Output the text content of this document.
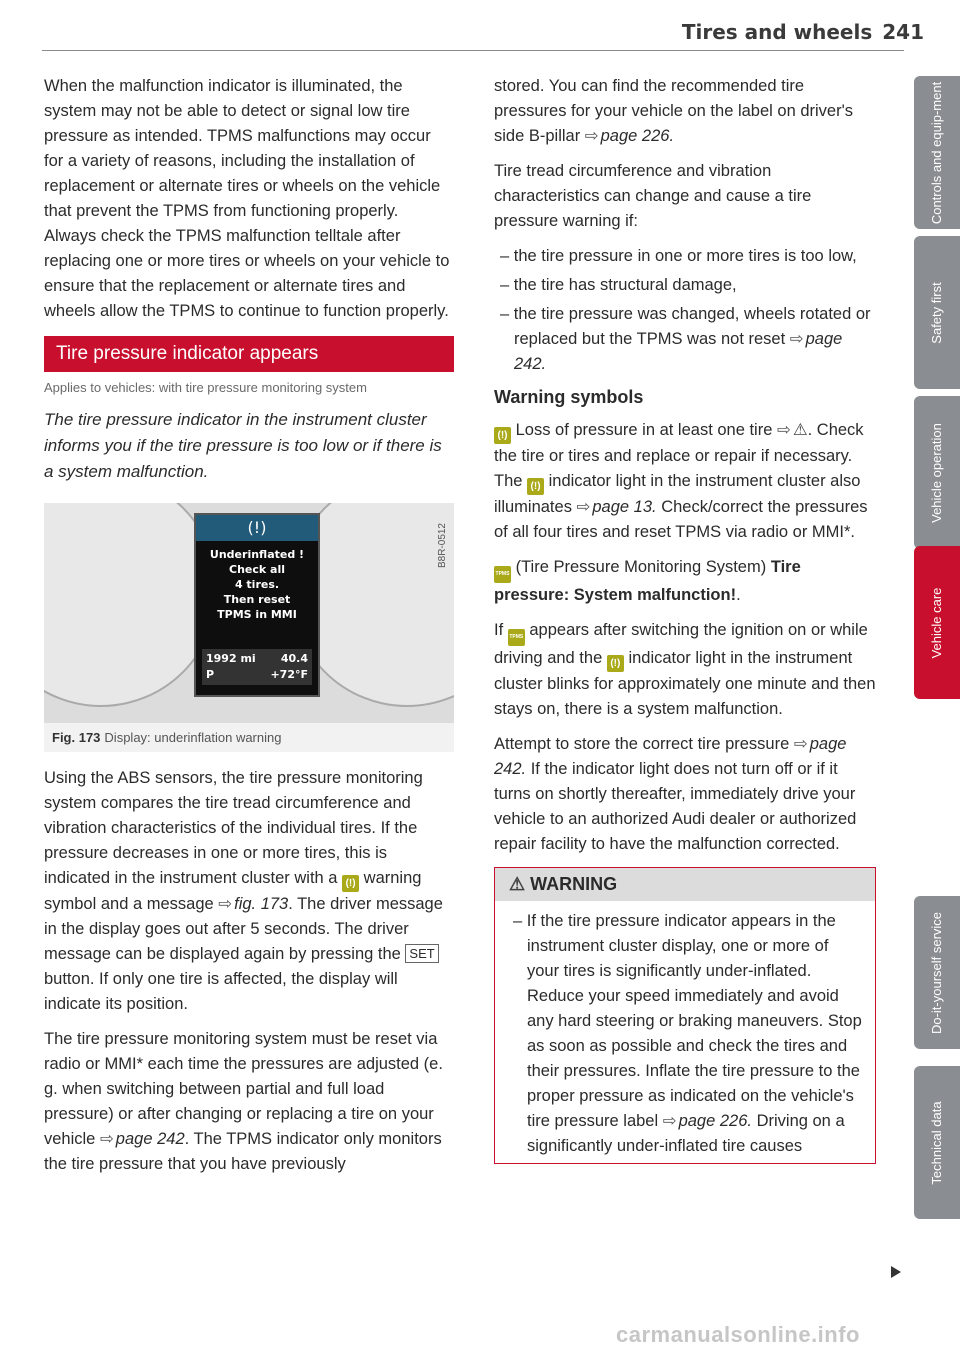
Tires and wheels 241

When the malfunction indicator is illuminated, the system may not be able to detect or signal low tire pressure as intended. TPMS malfunctions may occur for a variety of reasons, including the installation of replacement or alternate tires or wheels on the vehicle that prevent the TPMS from functioning properly. Always check the TPMS malfunction telltale after replacing one or more tires or wheels on your vehicle to ensure that the replacement or alternate tires and wheels allow the TPMS to continue to function properly.

Tire pressure indicator appears
Applies to vehicles: with tire pressure monitoring system

The tire pressure indicator in the instrument cluster informs you if the tire pressure is too low or if there is a system malfunction.

(!)
Underinflated !
Check all
4 tires.
Then reset
TPMS in MMI
1992 mi 40.4
P	+72°F
B8R-0512
Fig. 173 Display: underinflation warning

Using the ABS sensors, the tire pressure monitoring system compares the tire tread circumference and vibration characteristics of the individual tires. If the pressure decreases in one or more tires, this is indicated in the instrument cluster with a (!) warning symbol and a message ⇨ fig. 173. The driver message in the display goes out after 5 seconds. The driver message can be displayed again by pressing the SET button. If only one tire is affected, the display will indicate its position.

The tire pressure monitoring system must be reset via radio or MMI* each time the pressures are adjusted (e. g. when switching between partial and full load pressure) or after changing or replacing a tire on your vehicle ⇨ page 242. The TPMS indicator only monitors the tire pressure that you have previously

stored. You can find the recommended tire pressures for your vehicle on the label on driver's side B-pillar ⇨ page 226.

Tire tread circumference and vibration characteristics can change and cause a tire pressure warning if:

– the tire pressure in one or more tires is too low,

– the tire has structural damage,

– the tire pressure was changed, wheels rotated or replaced but the TPMS was not reset ⇨ page 242.

Warning symbols

(!) Loss of pressure in at least one tire ⇨ ⚠. Check the tire or tires and replace or repair if necessary. The (!) indicator light in the instrument cluster also illuminates ⇨ page 13. Check/correct the pressures of all four tires and reset TPMS via radio or MMI*.

TPMS (Tire Pressure Monitoring System) Tire pressure: System malfunction!.

If TPMS appears after switching the ignition on or while driving and the (!) indicator light in the instrument cluster blinks for approximately one minute and then stays on, there is a system malfunction.

Attempt to store the correct tire pressure ⇨ page 242. If the indicator light does not turn off or if it turns on shortly thereafter, immediately drive your vehicle to an authorized Audi dealer or authorized repair facility to have the malfunction corrected.

⚠ WARNING

– If the tire pressure indicator appears in the instrument cluster display, one or more of your tires is significantly under-inflated. Reduce your speed immediately and avoid any hard steering or braking maneuvers. Stop as soon as possible and check the tires and their pressures. Inflate the tire pressure to the proper pressure as indicated on the vehicle's tire pressure label ⇨ page 226. Driving on a significantly under-inflated tire causes

Controls and equip-ment
Safety first
Vehicle operation
Vehicle care
Do-it-yourself service
Technical data
carmanualsonline.info
